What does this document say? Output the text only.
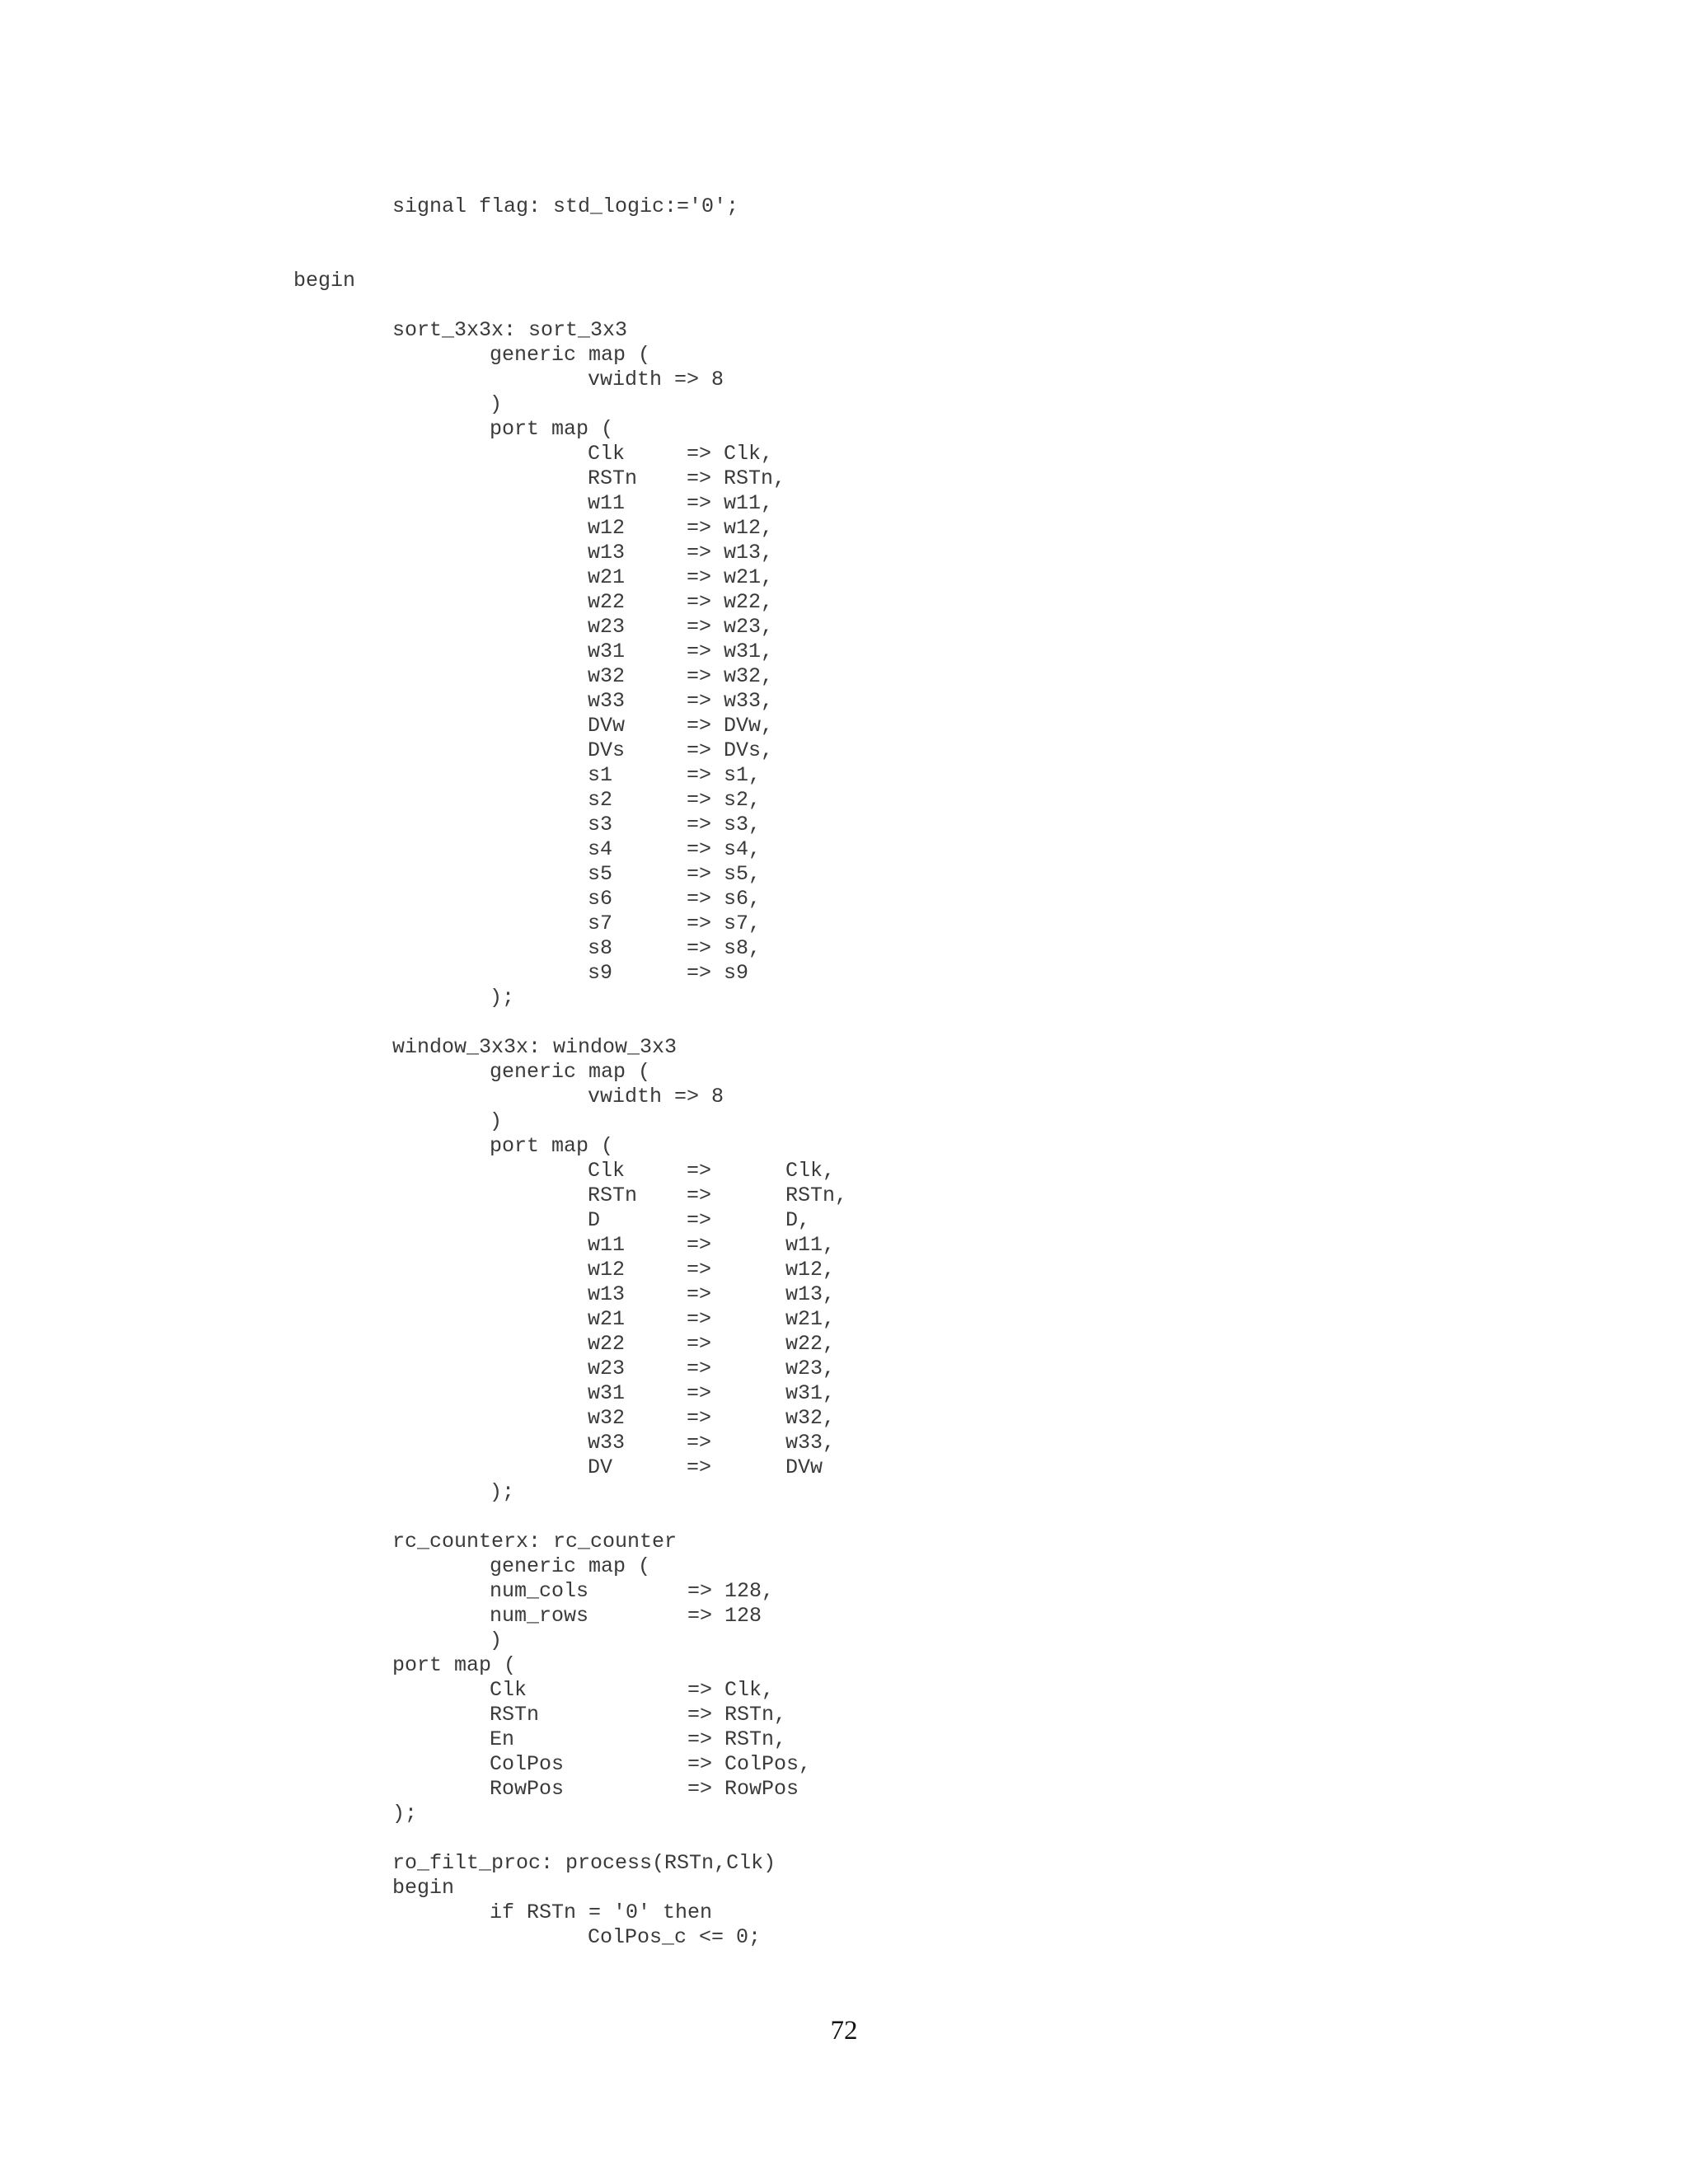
signal flag: std_logic:='0';
begin
sort_3x3x: sort_3x3
generic map (
vwidth => 8
)
port map (
Clk     => Clk,
RSTn    => RSTn,
w11     => w11,
w12     => w12,
w13     => w13,
w21     => w21,
w22     => w22,
w23     => w23,
w31     => w31,
w32     => w32,
w33     => w33,
DVw     => DVw,
DVs     => DVs,
s1      => s1,
s2      => s2,
s3      => s3,
s4      => s4,
s5      => s5,
s6      => s6,
s7      => s7,
s8      => s8,
s9      => s9
);
window_3x3x: window_3x3
generic map (
vwidth => 8
)
port map (
Clk     =>      Clk,
RSTn    =>      RSTn,
D       =>      D,
w11     =>      w11,
w12     =>      w12,
w13     =>      w13,
w21     =>      w21,
w22     =>      w22,
w23     =>      w23,
w31     =>      w31,
w32     =>      w32,
w33     =>      w33,
DV      =>      DVw
);
rc_counterx: rc_counter
generic map (
num_cols        => 128,
num_rows        => 128
)
port map (
Clk             => Clk,
RSTn            => RSTn,
En              => RSTn,
ColPos          => ColPos,
RowPos          => RowPos
);
ro_filt_proc: process(RSTn,Clk)
begin
if RSTn = '0' then
ColPos_c <= 0;
72
